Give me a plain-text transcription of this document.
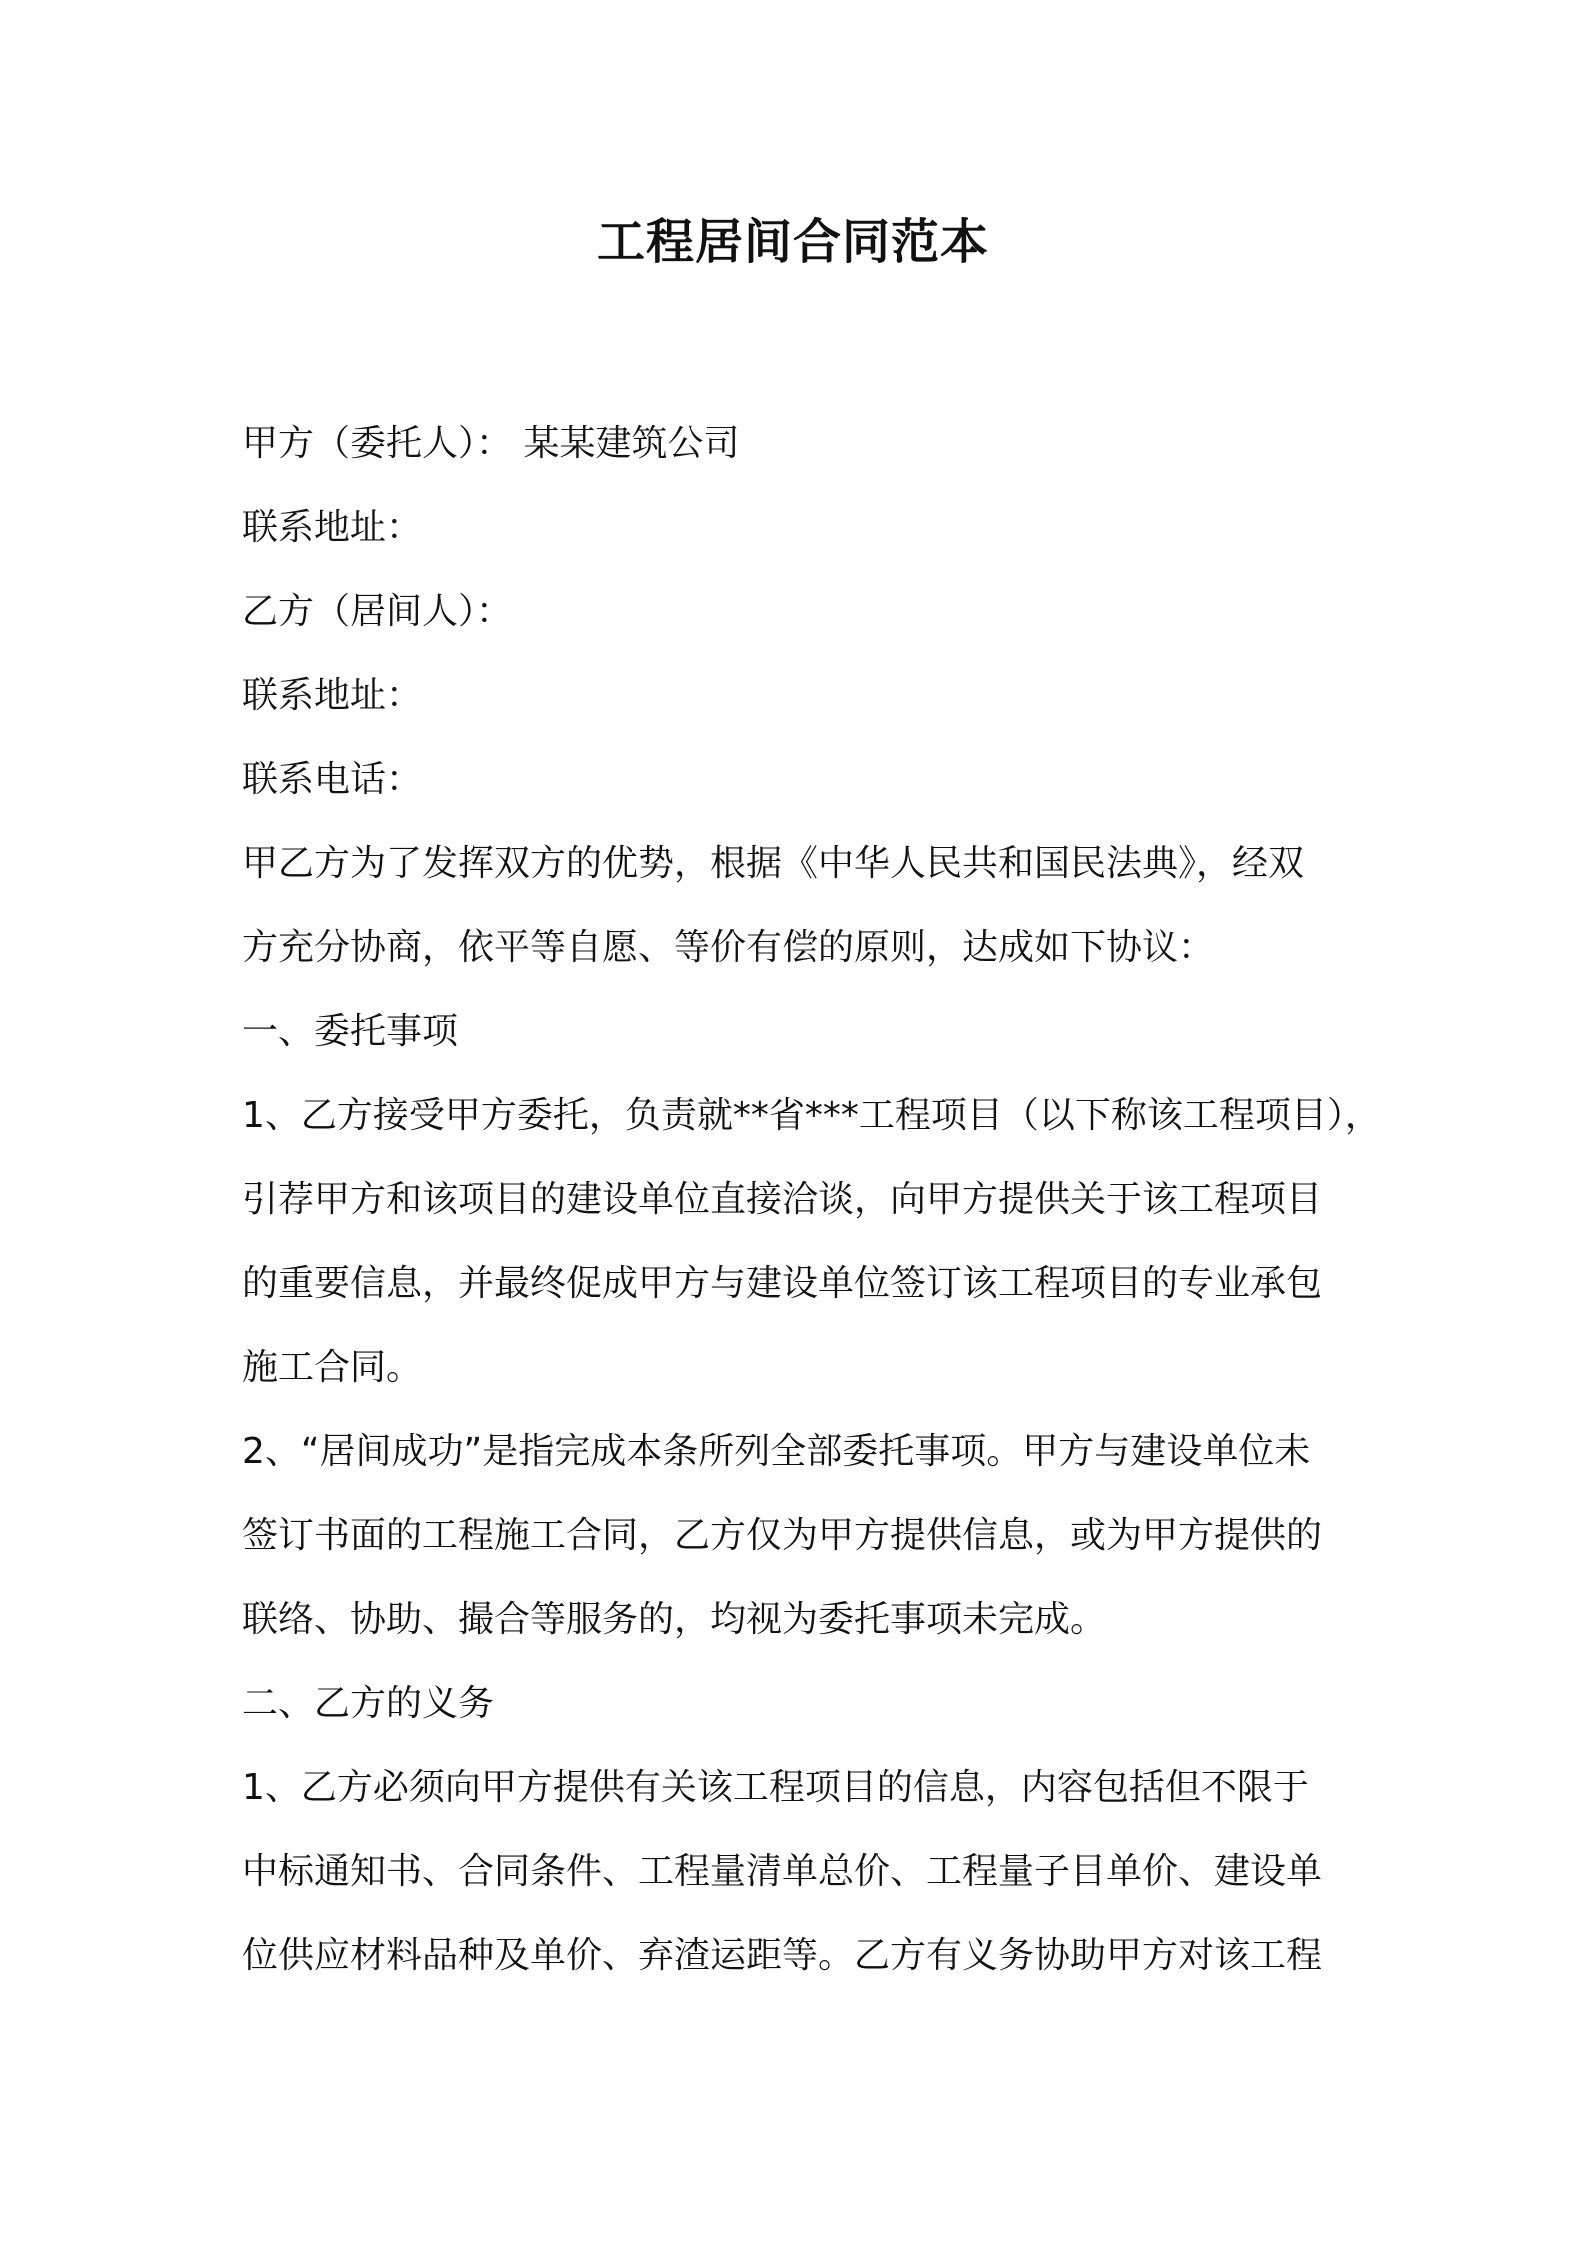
工程居间合同范本
甲方（委托人）： 某某建筑公司
联系地址：
乙方（居间人）：
联系地址：
联系电话：
甲乙方为了发挥双方的优势，根据《中华人民共和国民法典》，经双
方充分协商，依平等自愿、等价有偿的原则，达成如下协议：
一、委托事项
1、乙方接受甲方委托，负责就**省***工程项目（以下称该工程项目），
引荐甲方和该项目的建设单位直接洽谈，向甲方提供关于该工程项目
的重要信息，并最终促成甲方与建设单位签订该工程项目的专业承包
施工合同。
2、“居间成功”是指完成本条所列全部委托事项。甲方与建设单位未
签订书面的工程施工合同，乙方仅为甲方提供信息，或为甲方提供的
联络、协助、撮合等服务的，均视为委托事项未完成。
二、乙方的义务
1、乙方必须向甲方提供有关该工程项目的信息，内容包括但不限于
中标通知书、合同条件、工程量清单总价、工程量子目单价、建设单
位供应材料品种及单价、弃渣运距等。乙方有义务协助甲方对该工程
